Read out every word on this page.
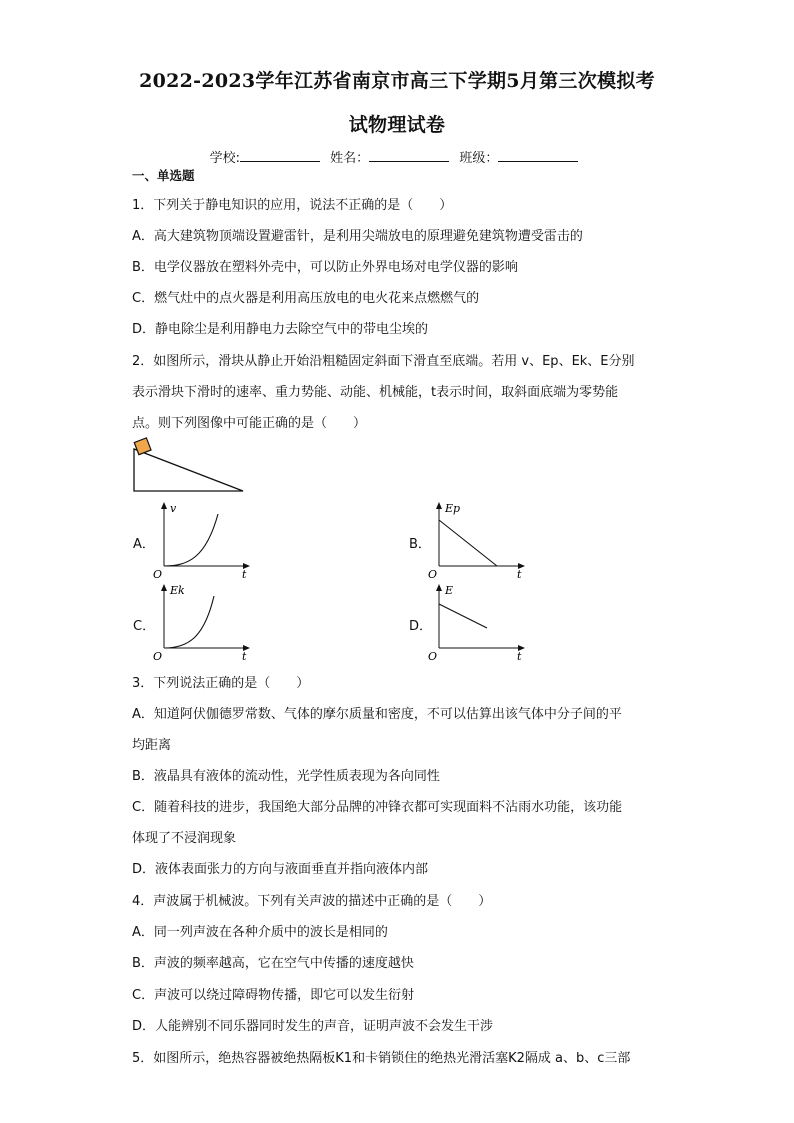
2022-2023学年江苏省南京市高三下学期5月第三次模拟考
试物理试卷
学校:	姓名：	班级：
一、单选题
1．下列关于静电知识的应用，说法不正确的是（　　）
A．高大建筑物顶端设置避雷针，是利用尖端放电的原理避免建筑物遭受雷击的
B．电学仪器放在塑料外壳中，可以防止外界电场对电学仪器的影响
C．燃气灶中的点火器是利用高压放电的电火花来点燃燃气的
D．静电除尘是利用静电力去除空气中的带电尘埃的
2．如图所示，滑块从静止开始沿粗糙固定斜面下滑直至底端。若用 v、Ep、Ek、E分别
表示滑块下滑时的速率、重力势能、动能、机械能，t表示时间，取斜面底端为零势能
点。则下列图像中可能正确的是（　　）
A．	B．
C．	D．
v
O	t
Ep
O	t
Ek
O	t
E
O	t
3．下列说法正确的是（　　）
A．知道阿伏伽德罗常数、气体的摩尔质量和密度，不可以估算出该气体中分子间的平
均距离
B．液晶具有液体的流动性，光学性质表现为各向同性
C．随着科技的进步，我国绝大部分品牌的冲锋衣都可实现面料不沾雨水功能，该功能
体现了不浸润现象
D．液体表面张力的方向与液面垂直并指向液体内部
4．声波属于机械波。下列有关声波的描述中正确的是（　　）
A．同一列声波在各种介质中的波长是相同的
B．声波的频率越高，它在空气中传播的速度越快
C．声波可以绕过障碍物传播，即它可以发生衍射
D．人能辨别不同乐器同时发生的声音，证明声波不会发生干涉
5．如图所示，绝热容器被绝热隔板K1和卡销锁住的绝热光滑活塞K2隔成 a、b、c三部
